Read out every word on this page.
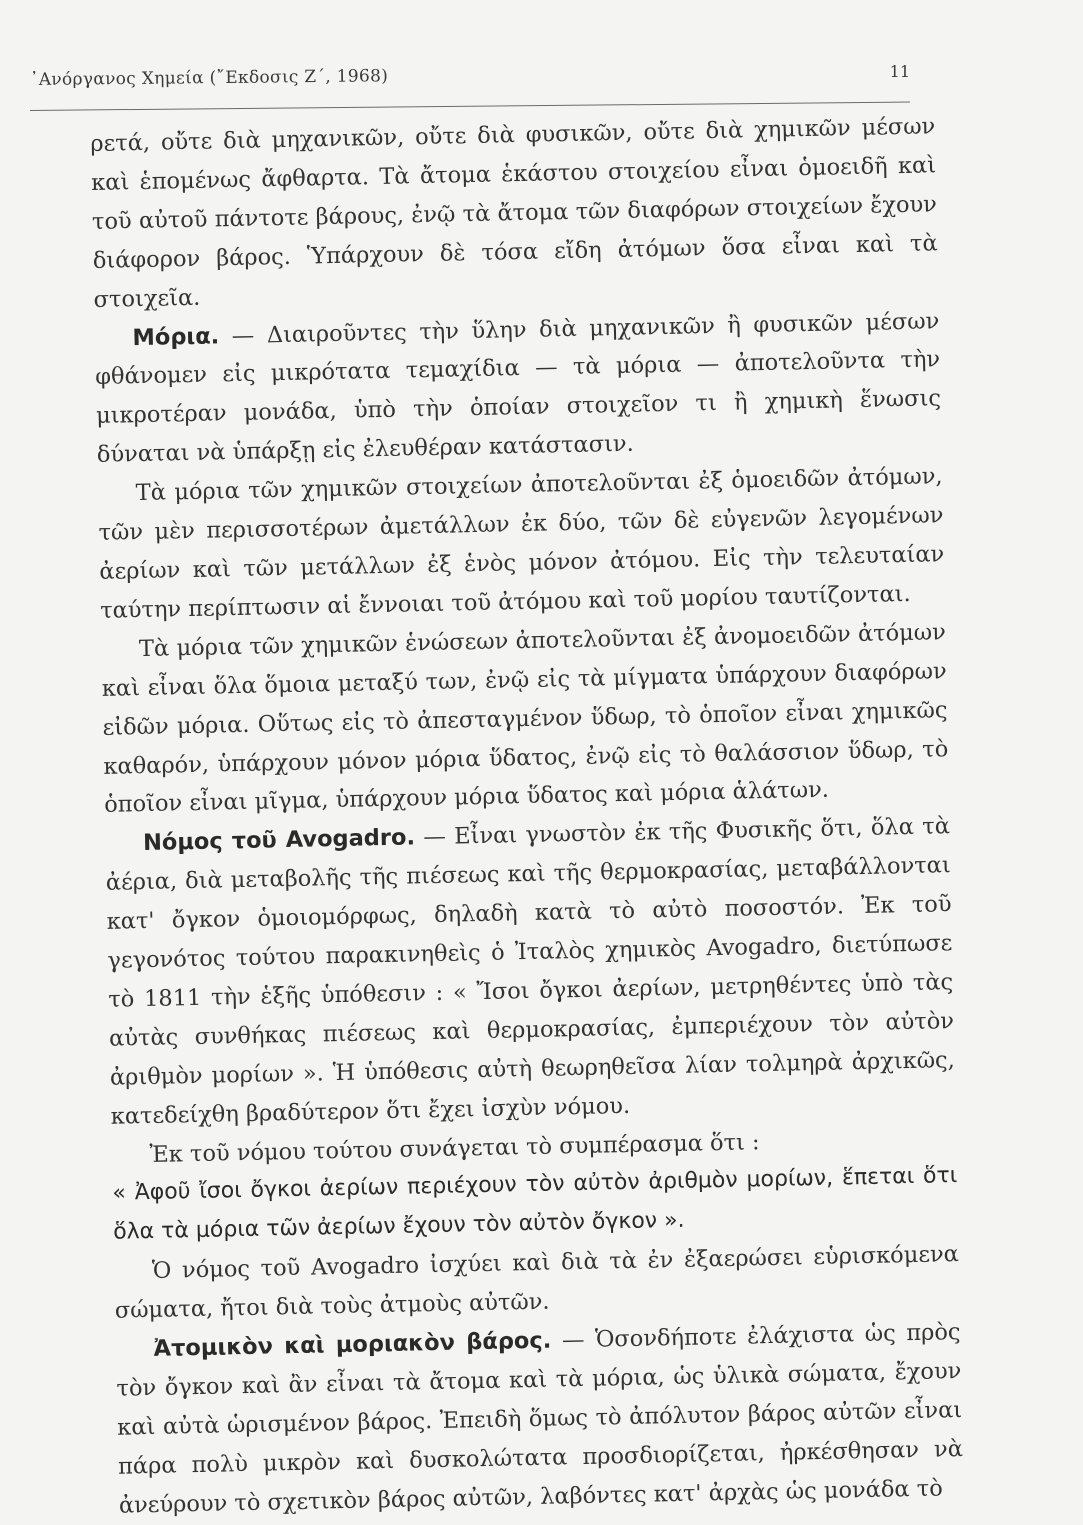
᾿Ανόργανος Χημεία (῎Εκδοσις Ζ΄, 1968)	11

ρετά, οὔτε διὰ μηχανικῶν, οὔτε διὰ φυσικῶν, οὔτε διὰ χημικῶν μέσων καὶ ἑπομένως ἄφθαρτα. Τὰ ἄτομα ἑκάστου στοιχείου εἶναι ὁμοειδῆ καὶ τοῦ αὐτοῦ πάντοτε βάρους, ἐνῷ τὰ ἄτομα τῶν διαφόρων στοιχείων ἔχουν διάφορον βάρος. Ὑπάρχουν δὲ τόσα εἴδη ἀτόμων ὅσα εἶναι καὶ τὰ στοιχεῖα.

Μόρια. — Διαιροῦντες τὴν ὕλην διὰ μηχανικῶν ἢ φυσικῶν μέσων φθάνομεν εἰς μικρότατα τεμαχίδια — τὰ μόρια — ἀποτελοῦντα τὴν μικροτέραν μονάδα, ὑπὸ τὴν ὁποίαν στοιχεῖον τι ἢ χημικὴ ἕνωσις δύναται νὰ ὑπάρξῃ εἰς ἐλευθέραν κατάστασιν.

Τὰ μόρια τῶν χημικῶν στοιχείων ἀποτελοῦνται ἐξ ὁμοειδῶν ἀτόμων, τῶν μὲν περισσοτέρων ἀμετάλλων ἐκ δύο, τῶν δὲ εὐγενῶν λεγομένων ἀερίων καὶ τῶν μετάλλων ἐξ ἑνὸς μόνον ἀτόμου. Εἰς τὴν τελευταίαν ταύτην περίπτωσιν αἱ ἔννοιαι τοῦ ἀτόμου καὶ τοῦ μορίου ταυτίζονται.

Τὰ μόρια τῶν χημικῶν ἑνώσεων ἀποτελοῦνται ἐξ ἀνομοειδῶν ἀτόμων καὶ εἶναι ὅλα ὅμοια μεταξύ των, ἐνῷ εἰς τὰ μίγματα ὑπάρχουν διαφόρων εἰδῶν μόρια. Οὕτως εἰς τὸ ἀπεσταγμένον ὕδωρ, τὸ ὁποῖον εἶναι χημικῶς καθαρόν, ὑπάρχουν μόνον μόρια ὕδατος, ἐνῷ εἰς τὸ θαλάσσιον ὕδωρ, τὸ ὁποῖον εἶναι μῖγμα, ὑπάρχουν μόρια ὕδατος καὶ μόρια ἁλάτων.

Νόμος τοῦ Avogadro. — Εἶναι γνωστὸν ἐκ τῆς Φυσικῆς ὅτι, ὅλα τὰ ἀέρια, διὰ μεταβολῆς τῆς πιέσεως καὶ τῆς θερμοκρασίας, μεταβάλλονται κατ' ὄγκον ὁμοιομόρφως, δηλαδὴ κατὰ τὸ αὐτὸ ποσοστόν. Ἐκ τοῦ γεγονότος τούτου παρακινηθεὶς ὁ Ἰταλὸς χημικὸς Avogadro, διετύπωσε τὸ 1811 τὴν ἑξῆς ὑπόθεσιν : « Ἴσοι ὄγκοι ἀερίων, μετρηθέντες ὑπὸ τὰς αὐτὰς συνθήκας πιέσεως καὶ θερμοκρασίας, ἐμπεριέχουν τὸν αὐτὸν ἀριθμὸν μορίων ». Ἡ ὑπόθεσις αὐτὴ θεωρηθεῖσα λίαν τολμηρὰ ἀρχικῶς, κατεδείχθη βραδύτερον ὅτι ἔχει ἰσχὺν νόμου.

Ἐκ τοῦ νόμου τούτου συνάγεται τὸ συμπέρασμα ὅτι :

« Ἀφοῦ ἴσοι ὄγκοι ἀερίων περιέχουν τὸν αὐτὸν ἀριθμὸν μορίων, ἕπεται ὅτι ὅλα τὰ μόρια τῶν ἀερίων ἔχουν τὸν αὐτὸν ὄγκον ».

Ὁ νόμος τοῦ Avogadro ἰσχύει καὶ διὰ τὰ ἐν ἐξαερώσει εὑρισκόμενα σώματα, ἤτοι διὰ τοὺς ἀτμοὺς αὐτῶν.

Ἀτομικὸν καὶ μοριακὸν βάρος. — Ὁσονδήποτε ἐλάχιστα ὡς πρὸς τὸν ὄγκον καὶ ἂν εἶναι τὰ ἄτομα καὶ τὰ μόρια, ὡς ὑλικὰ σώματα, ἔχουν καὶ αὐτὰ ὡρισμένον βάρος. Ἐπειδὴ ὅμως τὸ ἀπόλυτον βάρος αὐτῶν εἶναι πάρα πολὺ μικρὸν καὶ δυσκολώτατα προσδιορίζεται, ἠρκέσθησαν νὰ ἀνεύρουν τὸ σχετικὸν βάρος αὐτῶν, λαβόντες κατ' ἀρχὰς ὡς μονάδα τὸ
